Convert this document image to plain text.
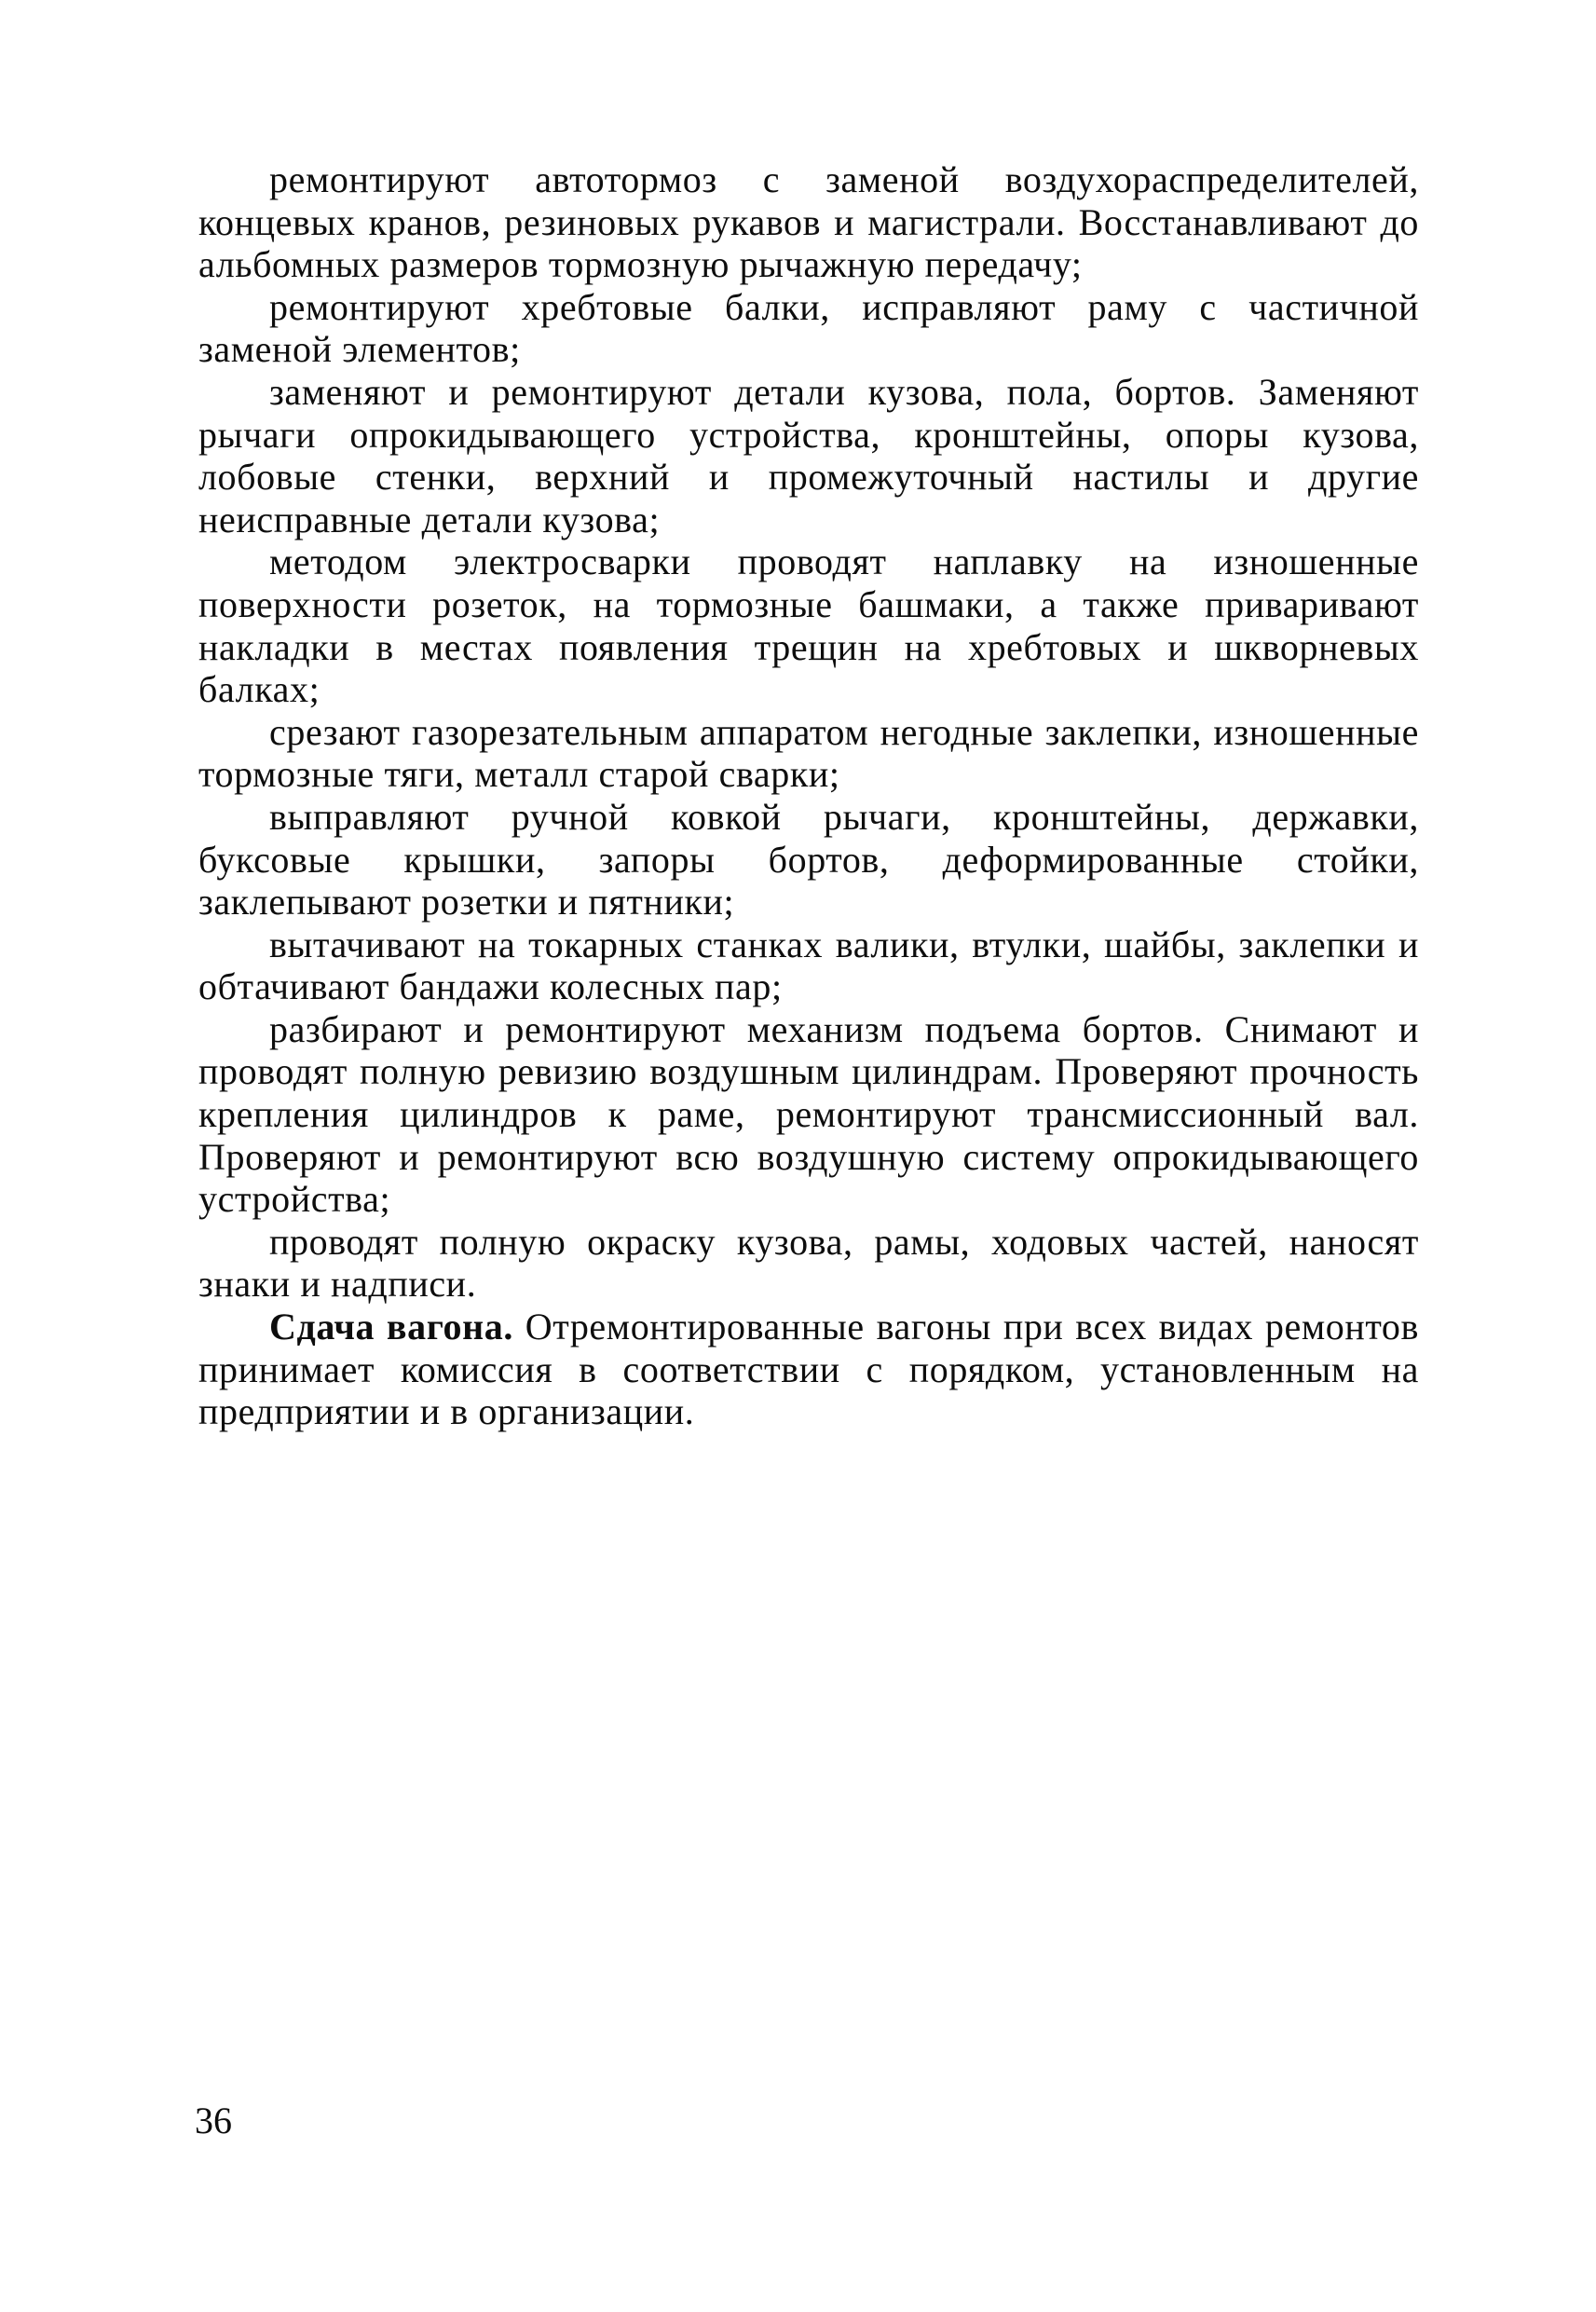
ремонтируют автотормоз с заменой воздухораспределителей, концевых кранов, резиновых рукавов и магистрали. Восстанавливают до альбомных размеров тормозную рычажную передачу;

ремонтируют хребтовые балки, исправляют раму с частичной заменой элементов;

заменяют и ремонтируют детали кузова, пола, бортов. Заменяют рычаги опрокидывающего устройства, кронштейны, опоры кузова, лобовые стенки, верхний и промежуточный настилы и другие неисправные детали кузова;

методом электросварки проводят наплавку на изношенные поверхности розеток, на тормозные башмаки, а также приваривают накладки в местах появления трещин на хребтовых и шкворневых балках;

срезают газорезательным аппаратом негодные заклепки, изношенные тормозные тяги, металл старой сварки;

выправляют ручной ковкой рычаги, кронштейны, державки, буксовые крышки, запоры бортов, деформированные стойки, заклепывают розетки и пятники;

вытачивают на токарных станках валики, втулки, шайбы, заклепки и обтачивают бандажи колесных пар;

разбирают и ремонтируют механизм подъема бортов. Снимают и проводят полную ревизию воздушным цилиндрам. Проверяют прочность крепления цилиндров к раме, ремонтируют трансмиссионный вал. Проверяют и ремонтируют всю воздушную систему опрокидывающего устройства;

проводят полную окраску кузова, рамы, ходовых частей, наносят знаки и надписи.

Сдача вагона. Отремонтированные вагоны при всех видах ремонтов принимает комиссия в соответствии с порядком, установленным на предприятии и в организации.

36
